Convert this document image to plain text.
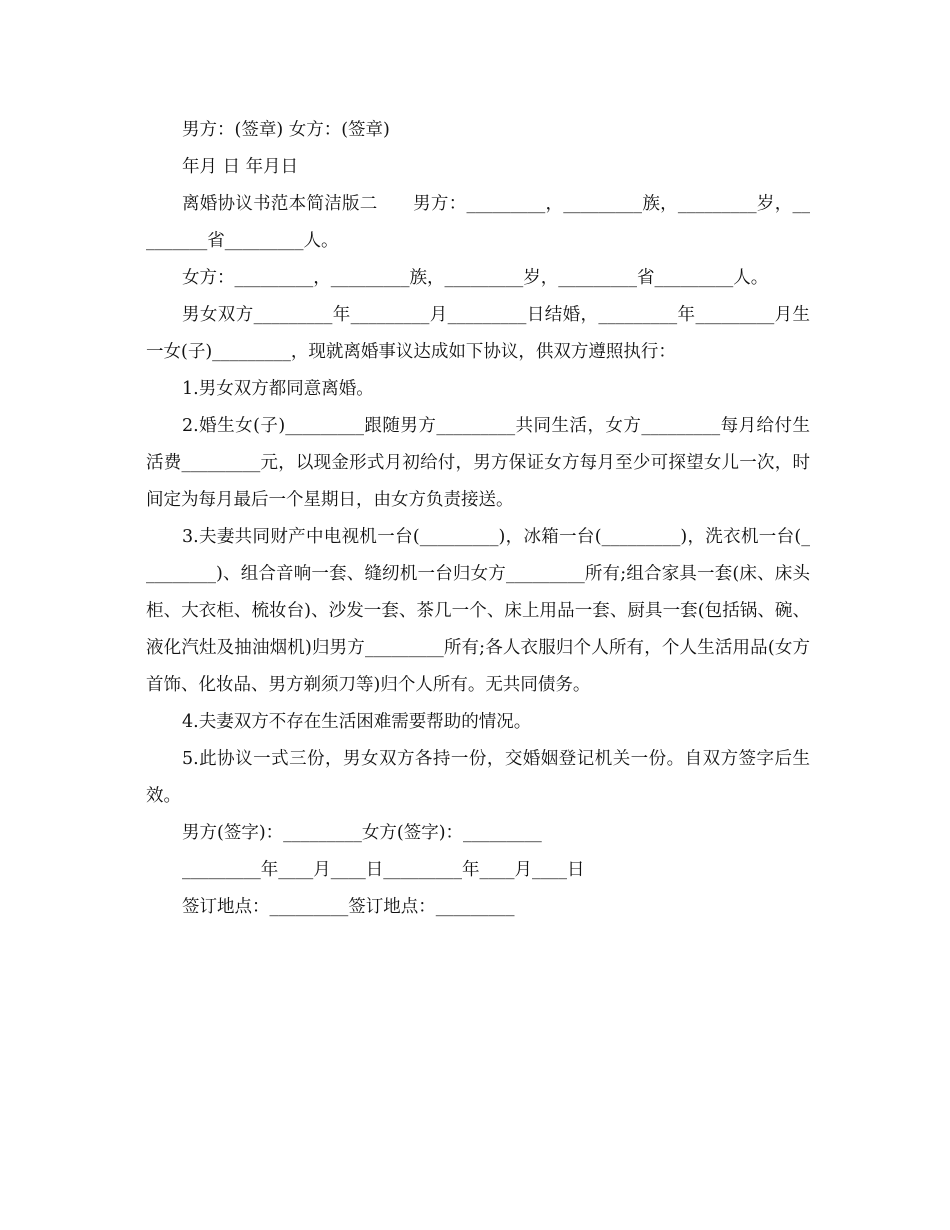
男方：(签章) 女方：(签章)

年月 日 年月日

离婚协议书范本简洁版二　　男方：_________，_________族，_________岁，_________省_________人。

女方：_________，_________族，_________岁，_________省_________人。

男女双方_________年_________月_________日结婚，_________年_________月生一女(子)_________，现就离婚事议达成如下协议，供双方遵照执行：

1.男女双方都同意离婚。

2.婚生女(子)_________跟随男方_________共同生活，女方_________每月给付生活费_________元，以现金形式月初给付，男方保证女方每月至少可探望女儿一次，时间定为每月最后一个星期日，由女方负责接送。

3.夫妻共同财产中电视机一台(_________)，冰箱一台(_________)，洗衣机一台(_________)、组合音响一套、缝纫机一台归女方_________所有;组合家具一套(床、床头柜、大衣柜、梳妆台)、沙发一套、茶几一个、床上用品一套、厨具一套(包括锅、碗、液化汽灶及抽油烟机)归男方_________所有;各人衣服归个人所有，个人生活用品(女方首饰、化妆品、男方剃须刀等)归个人所有。无共同债务。

4.夫妻双方不存在生活困难需要帮助的情况。

5.此协议一式三份，男女双方各持一份，交婚姻登记机关一份。自双方签字后生效。

男方(签字)：_________女方(签字)：_________

_________年____月____日_________年____月____日

签订地点：_________签订地点：_________
